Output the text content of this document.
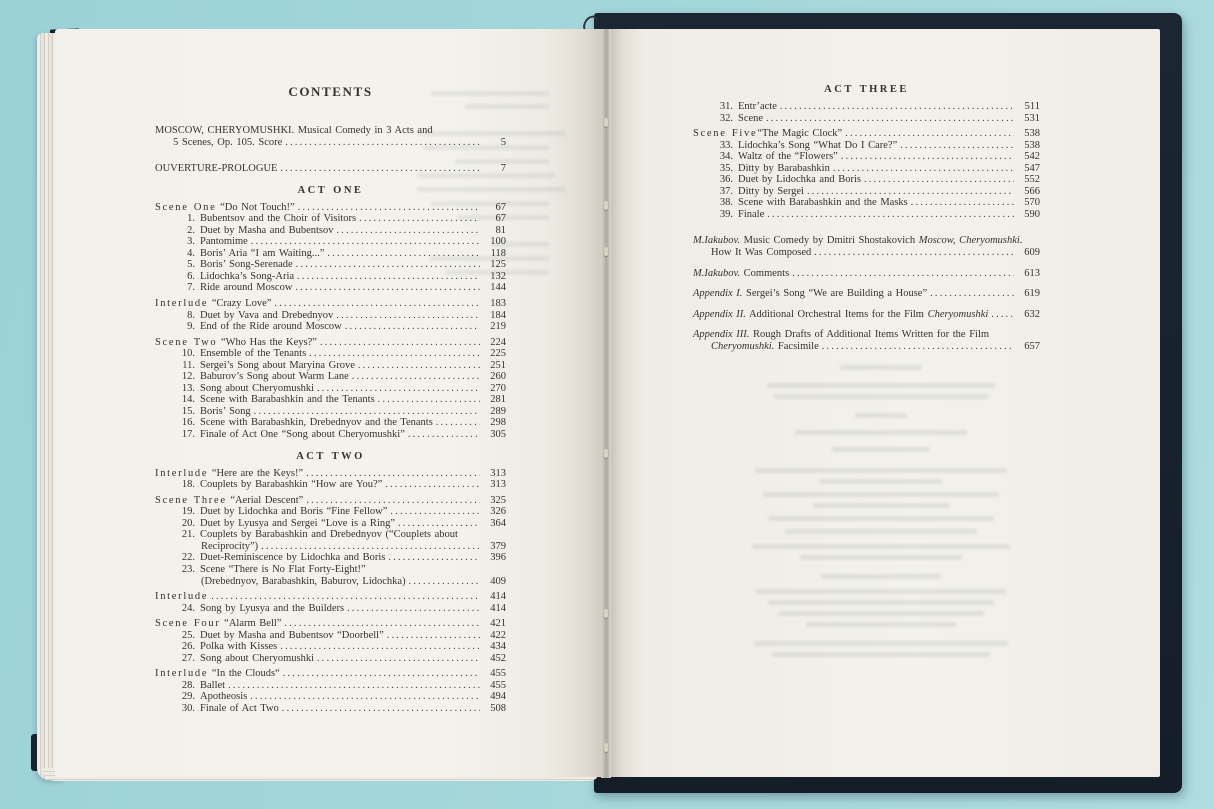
CONTENTS
MOSCOW, CHERYOMUSHKI. Musical Comedy in 3 Acts and
5 Scenes, Op. 105. Score .....	5
OUVERTURE-PROLOGUE .....	7
ACT ONE
Scene One “Do Not Touch!” .....	67
1. Bubentsov and the Choir of Visitors .....	67
2. Duet by Masha and Bubentsov .....	81
3. Pantomime .....	100
4. Boris’ Aria “I am Waiting...” .....	118
5. Boris’ Song-Serenade .....	125
6. Lidochka’s Song-Aria .....	132
7. Ride around Moscow .....	144
Interlude “Crazy Love” .....	183
8. Duet by Vava and Drebednyov .....	184
9. End of the Ride around Moscow .....	219
Scene Two “Who Has the Keys?” .....	224
10. Ensemble of the Tenants .....	225
11. Sergei’s Song about Maryina Grove .....	251
12. Baburov’s Song about Warm Lane .....	260
13. Song about Cheryomushki .....	270
14. Scene with Barabashkin and the Tenants .....	281
15. Boris’ Song .....	289
16. Scene with Barabashkin, Drebednyov and the Tenants .....	298
17. Finale of Act One “Song about Cheryomushki” .....	305
ACT TWO
Interlude “Here are the Keys!” .....	313
18. Couplets by Barabashkin “How are You?” .....	313
Scene Three “Aerial Descent” .....	325
19. Duet by Lidochka and Boris “Fine Fellow” .....	326
20. Duet by Lyusya and Sergei “Love is a Ring” .....	364
21. Couplets by Barabashkin and Drebednyov (“Couplets about
Reciprocity”) .....	379
22. Duet-Reminiscence by Lidochka and Boris .....	396
23. Scene “There is No Flat Forty-Eight!”
(Drebednyov, Barabashkin, Baburov, Lidochka) .....	409
Interlude .....	414
24. Song by Lyusya and the Builders .....	414
Scene Four “Alarm Bell” .....	421
25. Duet by Masha and Bubentsov “Doorbell” .....	422
26. Polka with Kisses .....	434
27. Song about Cheryomushki .....	452
Interlude “In the Clouds“ .....	455
28. Ballet .....	455
29. Apotheosis .....	494
30. Finale of Act Two .....	508
ACT THREE
31. Entr’acte .....	511
32. Scene .....	531
Scene Five“The Magic Clock” .....	538
33. Lidochka’s Song “What Do I Care?” .....	538
34. Waltz of the “Flowers” .....	542
35. Ditty by Barabashkin .....	547
36. Duet by Lidochka and Boris .....	552
37. Ditty by Sergei .....	566
38. Scene with Barabashkin and the Masks .....	570
39. Finale .....	590
M.Iakubov. Music Comedy by Dmitri Shostakovich Moscow, Cheryomushki.
How It Was Composed .....	609
M.Iakubov. Comments .....	613
Appendix I. Sergei’s Song “We are Building a House” .....	619
Appendix II. Additional Orchestral Items for the Film Cheryomushki .....	632
Appendix III. Rough Drafts of Additional Items Written for the Film
Cheryomushki. Facsimile .....	657
